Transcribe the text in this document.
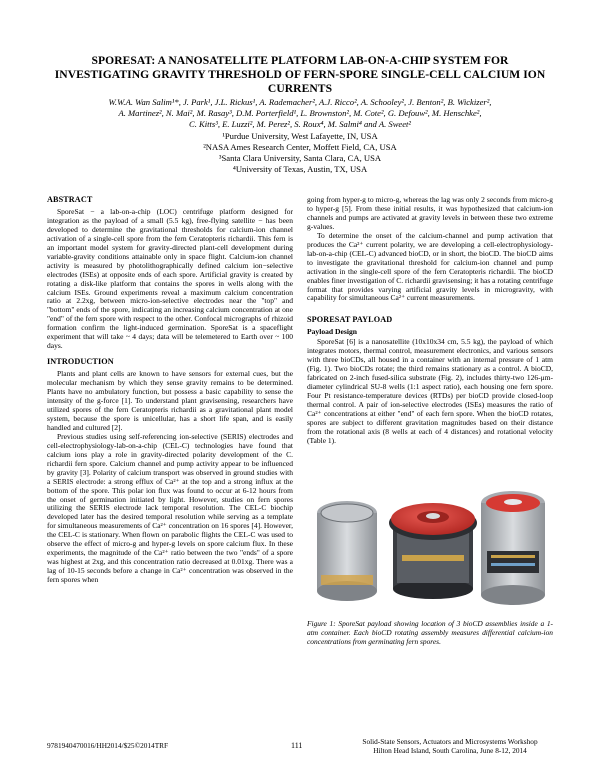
SPORESAT: A NANOSATELLITE PLATFORM LAB-ON-A-CHIP SYSTEM FOR INVESTIGATING GRAVITY THRESHOLD OF FERN-SPORE SINGLE-CELL CALCIUM ION CURRENTS
W.W.A. Wan Salim¹*, J. Park¹, J.L. Rickus¹, A. Rademacher², A.J. Ricco², A. Schooley², J. Benton², B. Wickizer²,
A. Martinez², N. Mai², M. Rasay³, D.M. Porterfield¹, L. Brownston², M. Cote², G. Defouw², M. Henschke²,
C. Kitts³, E. Luzzi², M. Perez², S. Roux⁴, M. Salmi⁴ and A. Sweet²
¹Purdue University, West Lafayette, IN, USA
²NASA Ames Research Center, Moffett Field, CA, USA
³Santa Clara University, Santa Clara, CA, USA
⁴University of Texas, Austin, TX, USA
ABSTRACT

SporeSat − a lab-on-a-chip (LOC) centrifuge platform designed for integration as the payload of a small (5.5 kg), free-flying satellite − has been developed to determine the gravitational thresholds for calcium-ion channel activation of a single-cell spore from the fern Ceratopteris richardii. This fern is an important model system for gravity-directed plant-cell development during variable-gravity conditions attainable only in space flight. Calcium-ion channel activity is measured by photolithographically defined calcium ion−selective electrodes (ISEs) at opposite ends of each spore. Artificial gravity is created by rotating a disk-like platform that contains the spores in wells along with the calcium ISEs. Ground experiments reveal a maximum calcium concentration ratio at 2.2xg, between micro-ion-selective electrodes near the "top" and "bottom" ends of the spore, indicating an increasing calcium concentration at one "end" of the fern spore with respect to the other. Confocal micrographs of rhizoid formation confirm the light-induced germination. SporeSat is a spaceflight experiment that will take ~ 4 days; data will be telemetered to Earth over ~ 100 days.

INTRODUCTION

Plants and plant cells are known to have sensors for external cues, but the molecular mechanism by which they sense gravity remains to be determined. Plants have no ambulatory function, but possess a basic capability to sense the intensity of the g-force [1]. To understand plant gravisensing, researchers have utilized spores of the fern Ceratopteris richardii as a gravitational plant model system, because the spore is unicellular, has a short life span, and is easily handled and cultured [2].

Previous studies using self-referencing ion-selective (SERIS) electrodes and cell-electrophysiology-lab-on-a-chip (CEL-C) technologies have found that calcium ions play a role in gravity-directed polarity development of the C. richardii fern spore. Calcium channel and pump activity appear to be influenced by gravity [3]. Polarity of calcium transport was observed in ground studies with a SERIS electrode: a strong efflux of Ca²⁺ at the top and a strong influx at the bottom of the spore. This polar ion flux was found to occur at 6-12 hours from the onset of germination initiated by light. However, studies on fern spores utilizing the SERIS electrode lack temporal resolution. The CEL-C biochip developed later has the desired temporal resolution while serving as a template for simultaneous measurements of Ca²⁺ concentration on 16 spores [4]. However, the CEL-C is stationary. When flown on parabolic flights the CEL-C was used to observe the effect of micro-g and hyper-g levels on spore calcium flux. In these experiments, the magnitude of the Ca²⁺ ratio between the two "ends" of a spore was highest at 2xg, and this concentration ratio decreased at 0.01xg. There was a lag of 10-15 seconds before a change in Ca²⁺ concentration was observed in the fern spores when

going from hyper-g to micro-g, whereas the lag was only 2 seconds from micro-g to hyper-g [5]. From these initial results, it was hypothesized that calcium-ion channels and pumps are activated at gravity levels in between these two extreme g-values.

To determine the onset of the calcium-channel and pump activation that produces the Ca²⁺ current polarity, we are developing a cell-electrophysiology-lab-on-a-chip (CEL-C) advanced bioCD, or in short, the bioCD. The bioCD aims to investigate the gravitational threshold for calcium-ion channel and pump activation in the single-cell spore of the fern Ceratopteris richardii. The bioCD enables finer investigation of C. richardii gravisensing; it has a rotating centrifuge format that provides varying artificial gravity levels in microgravity, with capability for simultaneous Ca²⁺ current measurements.

SPORESAT PAYLOAD
Payload Design

SporeSat [6] is a nanosatellite (10x10x34 cm, 5.5 kg), the payload of which integrates motors, thermal control, measurement electronics, and various sensors with three bioCDs, all housed in a container with an internal pressure of 1 atm (Fig. 1). Two bioCDs rotate; the third remains stationary as a control. A bioCD, fabricated on 2-inch fused-silica substrate (Fig. 2), includes thirty-two 126-μm-diameter cylindrical SU-8 wells (1:1 aspect ratio), each housing one fern spore. Four Pt resistance-temperature devices (RTDs) per bioCD provide closed-loop thermal control. A pair of ion-selective electrodes (ISEs) measures the ratio of Ca²⁺ concentrations at either "end" of each fern spore. When the bioCD rotates, spores are subject to different gravitation magnitudes based on their distance from the rotational axis (8 wells at each of 4 distances) and rotational velocity (Table 1).

Figure 1: SporeSat payload showing location of 3 bioCD assemblies inside a 1-atm container. Each bioCD rotating assembly measures differential calcium-ion concentrations from germinating fern spores.
9781940470016/HH2014/$25©2014TRF	111	Solid-State Sensors, Actuators and Microsystems Workshop
Hilton Head Island, South Carolina, June 8-12, 2014
